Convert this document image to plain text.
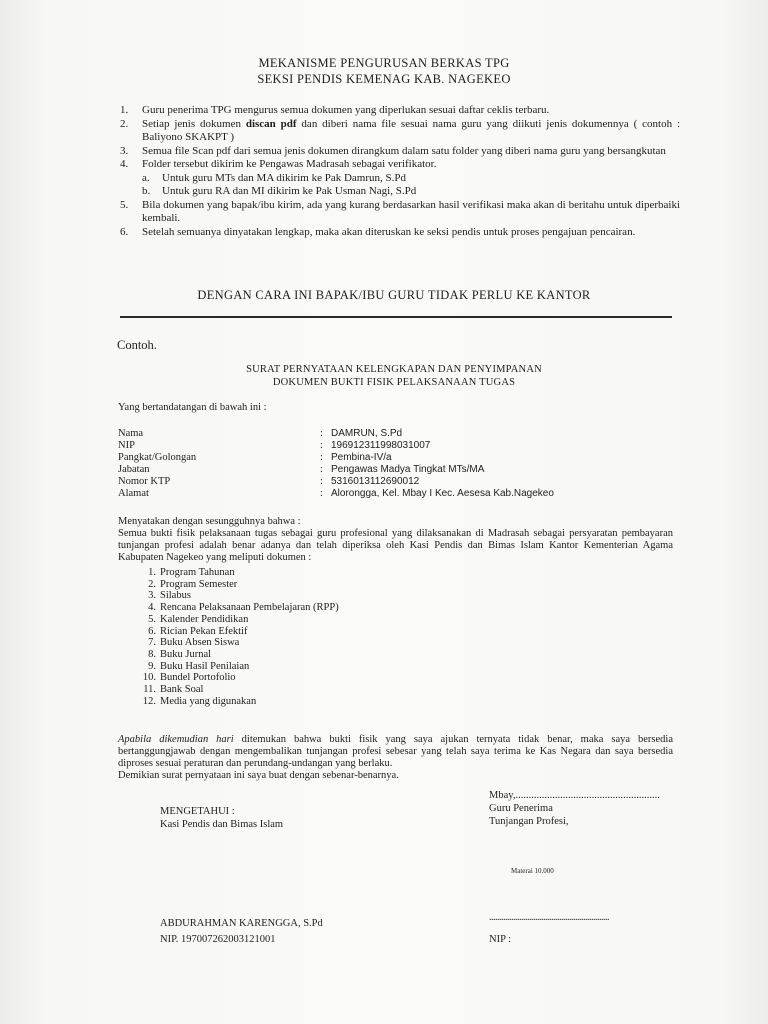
MEKANISME PENGURUSAN BERKAS TPG
SEKSI PENDIS KEMENAG KAB. NAGEKEO
1. Guru penerima TPG mengurus semua dokumen yang diperlukan sesuai daftar ceklis terbaru.
2. Setiap jenis dokumen discan pdf dan diberi nama file sesuai nama guru yang diikuti jenis dokumennya ( contoh : Baliyono SKAKPT )
3. Semua file Scan pdf dari semua jenis dokumen dirangkum dalam satu folder yang diberi nama guru yang bersangkutan
4. Folder tersebut dikirim ke Pengawas Madrasah sebagai verifikator.
a. Untuk guru MTs dan MA dikirim ke Pak Damrun, S.Pd
b. Untuk guru RA dan MI dikirim ke Pak Usman Nagi, S.Pd
5. Bila dokumen yang bapak/ibu kirim, ada yang kurang berdasarkan hasil verifikasi maka akan di beritahu untuk diperbaiki kembali.
6. Setelah semuanya dinyatakan lengkap, maka akan diteruskan ke seksi pendis untuk proses pengajuan pencairan.
DENGAN CARA INI BAPAK/IBU GURU TIDAK PERLU KE KANTOR
Contoh.
SURAT PERNYATAAN KELENGKAPAN DAN PENYIMPANAN
DOKUMEN BUKTI FISIK PELAKSANAAN TUGAS
Yang bertandatangan di bawah ini :
Nama	: DAMRUN, S.Pd
NIP	: 196912311998031007
Pangkat/Golongan	: Pembina-IV/a
Jabatan	: Pengawas Madya Tingkat MTs/MA
Nomor KTP	: 5316013112690012
Alamat	: Alorongga, Kel. Mbay I Kec. Aesesa Kab.Nagekeo
Menyatakan dengan sesungguhnya bahwa :
Semua bukti fisik pelaksanaan tugas sebagai guru profesional yang dilaksanakan di Madrasah sebagai persyaratan pembayaran tunjangan profesi adalah benar adanya dan telah diperiksa oleh Kasi Pendis dan Bimas Islam Kantor Kementerian Agama Kabupaten Nagekeo yang meliputi dokumen :
1. Program Tahunan
2. Program Semester
3. Silabus
4. Rencana Pelaksanaan Pembelajaran (RPP)
5. Kalender Pendidikan
6. Rician Pekan Efektif
7. Buku Absen Siswa
8. Buku Jurnal
9. Buku Hasil Penilaian
10. Bundel Portofolio
11. Bank Soal
12. Media yang digunakan
Apabila dikemudian hari ditemukan bahwa bukti fisik yang saya ajukan ternyata tidak benar, maka saya bersedia bertanggungjawab dengan mengembalikan tunjangan profesi sebesar yang telah saya terima ke Kas Negara dan saya bersedia diproses sesuai peraturan dan perundang-undangan yang berlaku.
Demikian surat pernyataan ini saya buat dengan sebenar-benarnya.
Mbay,.......................................................
Guru Penerima
Tunjangan Profesi,
MENGETAHUI :
Kasi Pendis dan Bimas Islam
Materai 10.000
ABDURAHMAN KARENGGA, S.Pd
NIP. 197007262003121001
............................................................
NIP :
